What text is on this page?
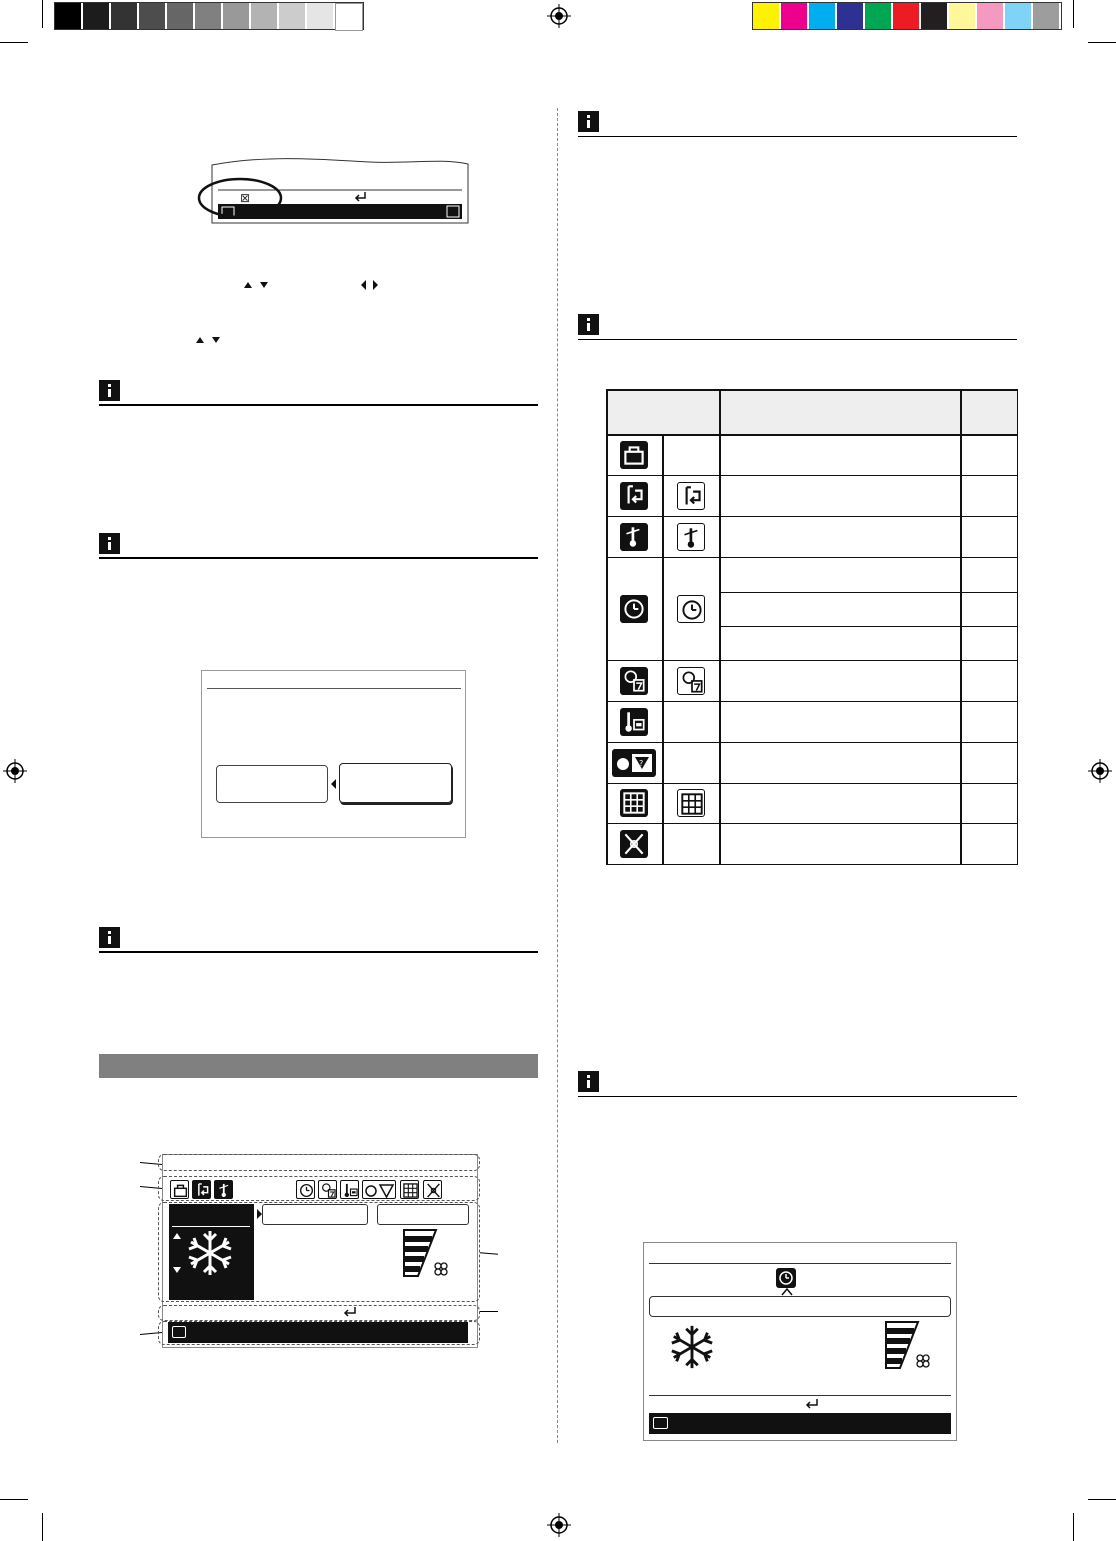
⊠
?
